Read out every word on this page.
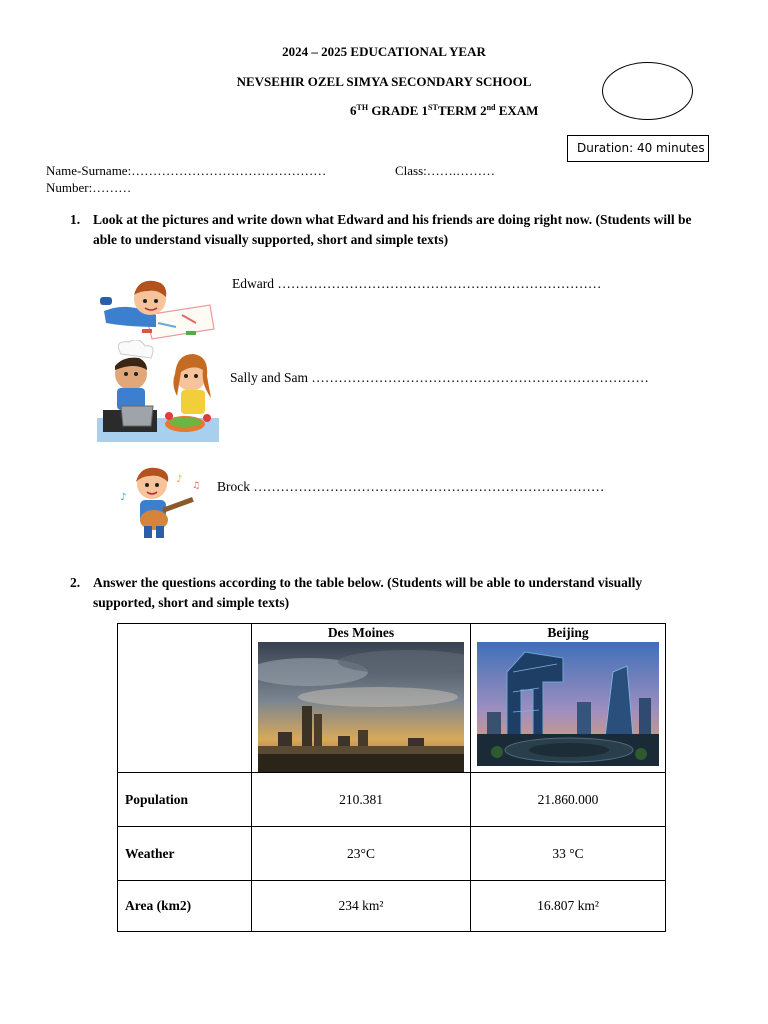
2024 – 2025 EDUCATIONAL YEAR
NEVSEHIR OZEL SIMYA SECONDARY SCHOOL
6TH GRADE 1STTERM 2nd EXAM
Duration: 40 minutes
Name-Surname:………………………………………	Class:…….………
Number:………
1. Look at the pictures and write down what Edward and his friends are doing right now. (Students will be able to understand visually supported, short and simple texts)
Edward ………………………………………………………………
Sally and Sam …………………………………………………………………
♪
♪
♫ Brock ……………………………………………………………………
2. Answer the questions according to the table below. (Students will be able to understand visually supported, short and simple texts)

	Des Moines	Beijing

Population	210.381	21.860.000
Weather	23°C	33 °C
Area (km2)	234 km²	16.807 km²
